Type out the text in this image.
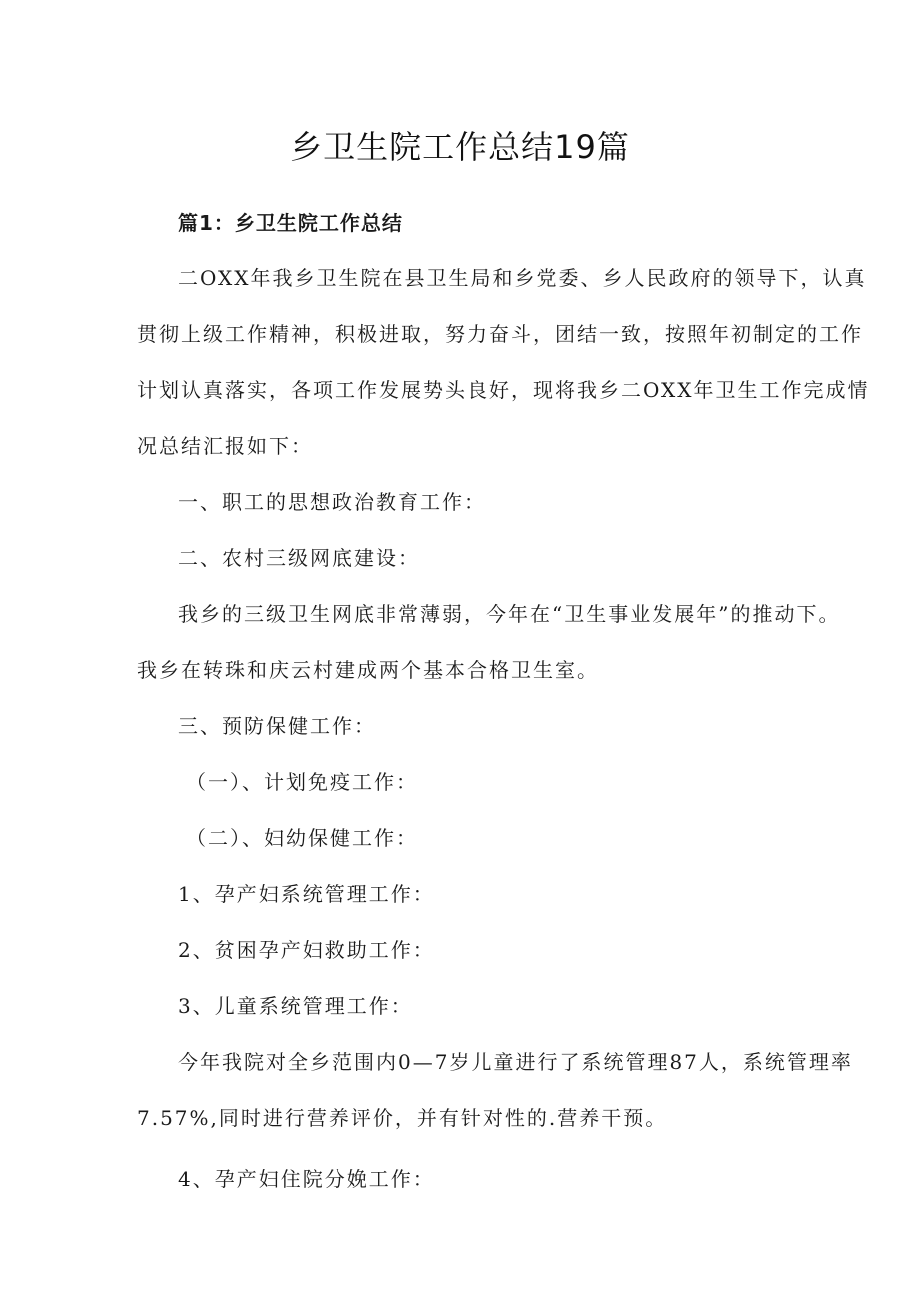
乡卫生院工作总结19篇
篇1：乡卫生院工作总结
二OXX年我乡卫生院在县卫生局和乡党委、乡人民政府的领导下，认真
贯彻上级工作精神，积极进取，努力奋斗，团结一致，按照年初制定的工作
计划认真落实，各项工作发展势头良好，现将我乡二OXX年卫生工作完成情
况总结汇报如下：
一、职工的思想政治教育工作：
二、农村三级网底建设：
我乡的三级卫生网底非常薄弱，今年在“卫生事业发展年”的推动下。
我乡在转珠和庆云村建成两个基本合格卫生室。
三、预防保健工作：
（一）、计划免疫工作：
（二）、妇幼保健工作：
1、孕产妇系统管理工作：
2、贫困孕产妇救助工作：
3、儿童系统管理工作：
今年我院对全乡范围内0—7岁儿童进行了系统管理87人，系统管理率
7.57%,同时进行营养评价，并有针对性的.营养干预。
4、孕产妇住院分娩工作：
